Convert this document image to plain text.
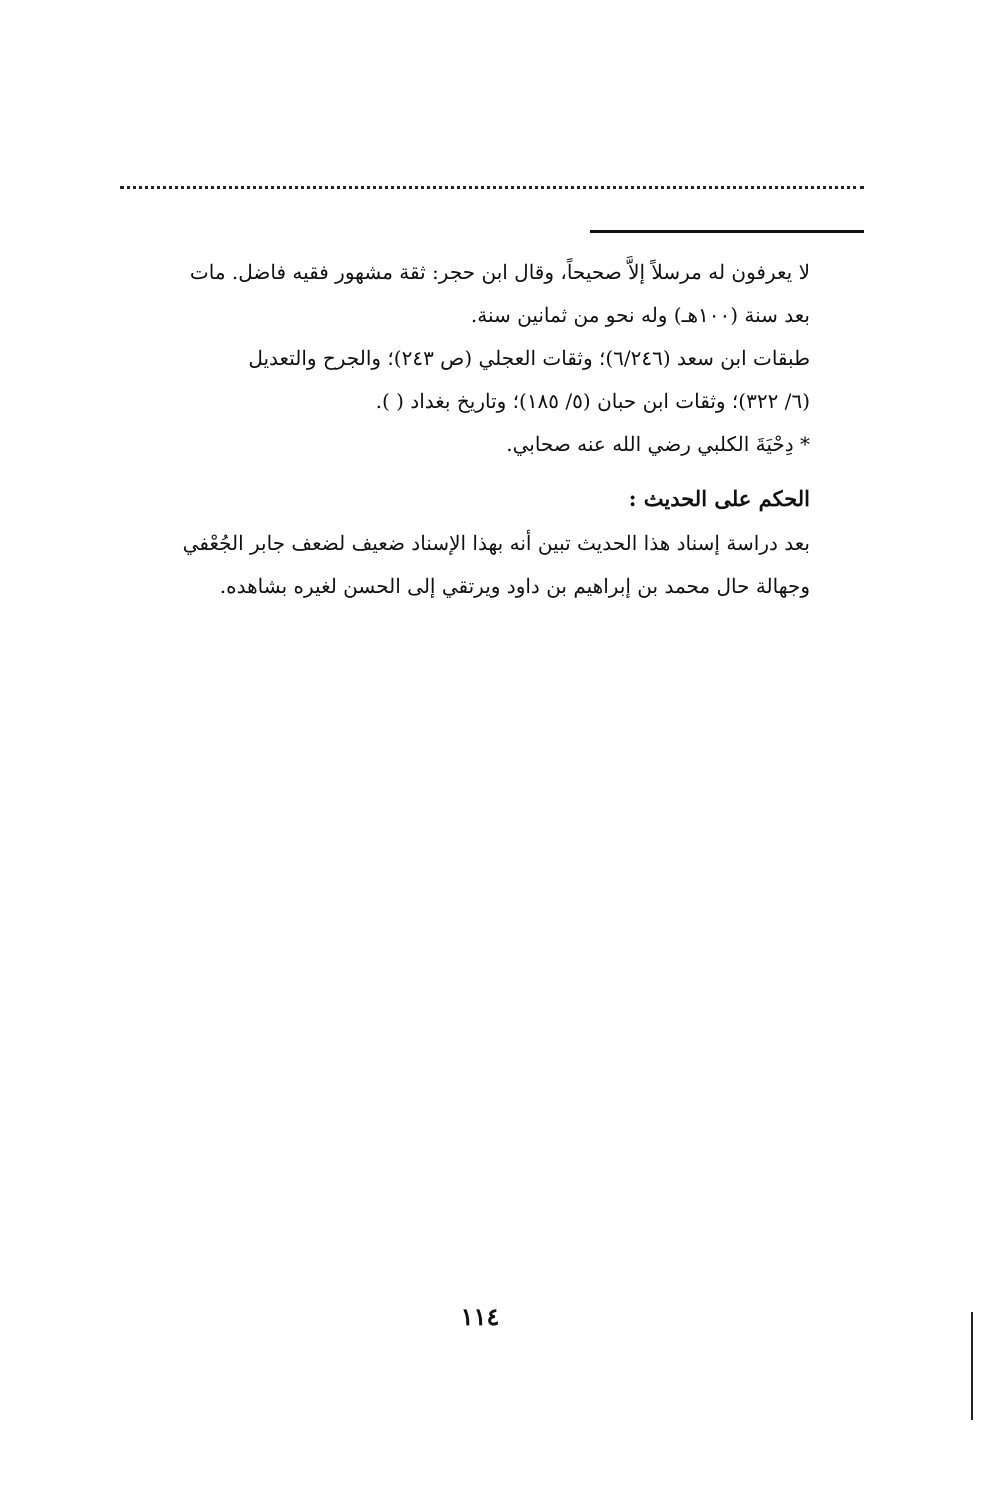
لا يعرفون له مرسلاً إلاَّ صحيحاً، وقال ابن حجر: ثقة مشهور فقيه فاضل. مات

بعد سنة (١٠٠هـ) وله نحو من ثمانين سنة.

طبقات ابن سعد (٦/٢٤٦)؛ وثقات العجلي (ص ٢٤٣)؛ والجرح والتعديل

(٦/ ٣٢٢)؛ وثقات ابن حبان (٥/ ١٨٥)؛ وتاريخ بغداد ( ).

* دِحْيَةَ الكلبي رضي الله عنه صحابي.

الحكم على الحديث :

بعد دراسة إسناد هذا الحديث تبين أنه بهذا الإسناد ضعيف لضعف جابر الجُعْفي

وجهالة حال محمد بن إبراهيم بن داود ويرتقي إلى الحسن لغيره بشاهده.

١١٤
